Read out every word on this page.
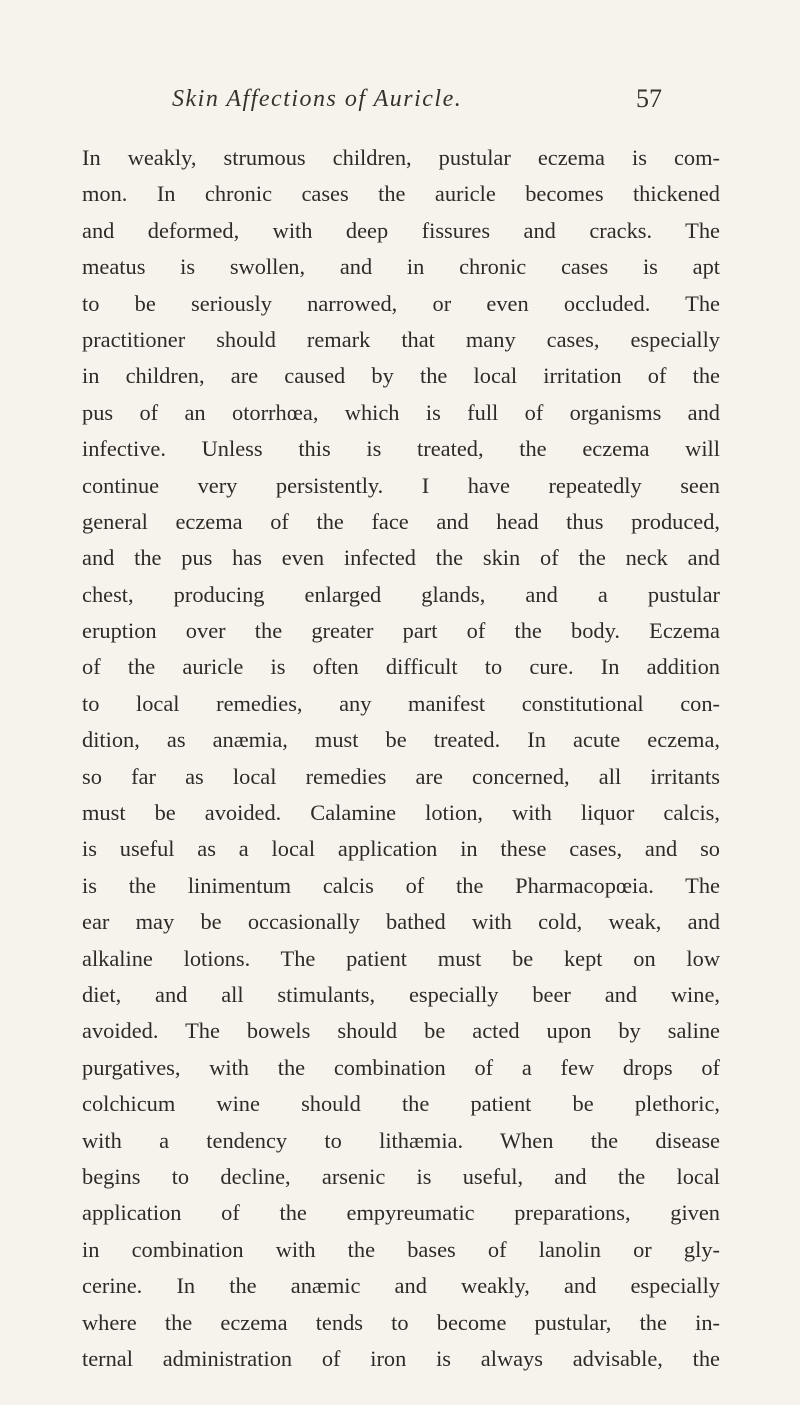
Skin Affections of Auricle.	57
In weakly, strumous children, pustular eczema is com-
mon. In chronic cases the auricle becomes thickened
and deformed, with deep fissures and cracks. The
meatus is swollen, and in chronic cases is apt
to be seriously narrowed, or even occluded. The
practitioner should remark that many cases, especially
in children, are caused by the local irritation of the
pus of an otorrhœa, which is full of organisms and
infective. Unless this is treated, the eczema will
continue very persistently. I have repeatedly seen
general eczema of the face and head thus produced,
and the pus has even infected the skin of the neck and
chest, producing enlarged glands, and a pustular
eruption over the greater part of the body. Eczema
of the auricle is often difficult to cure. In addition
to local remedies, any manifest constitutional con-
dition, as anæmia, must be treated. In acute eczema,
so far as local remedies are concerned, all irritants
must be avoided. Calamine lotion, with liquor calcis,
is useful as a local application in these cases, and so
is the linimentum calcis of the Pharmacopœia. The
ear may be occasionally bathed with cold, weak, and
alkaline lotions. The patient must be kept on low
diet, and all stimulants, especially beer and wine,
avoided. The bowels should be acted upon by saline
purgatives, with the combination of a few drops of
colchicum wine should the patient be plethoric,
with a tendency to lithæmia. When the disease
begins to decline, arsenic is useful, and the local
application of the empyreumatic preparations, given
in combination with the bases of lanolin or gly-
cerine. In the anæmic and weakly, and especially
where the eczema tends to become pustular, the in-
ternal administration of iron is always advisable, the
